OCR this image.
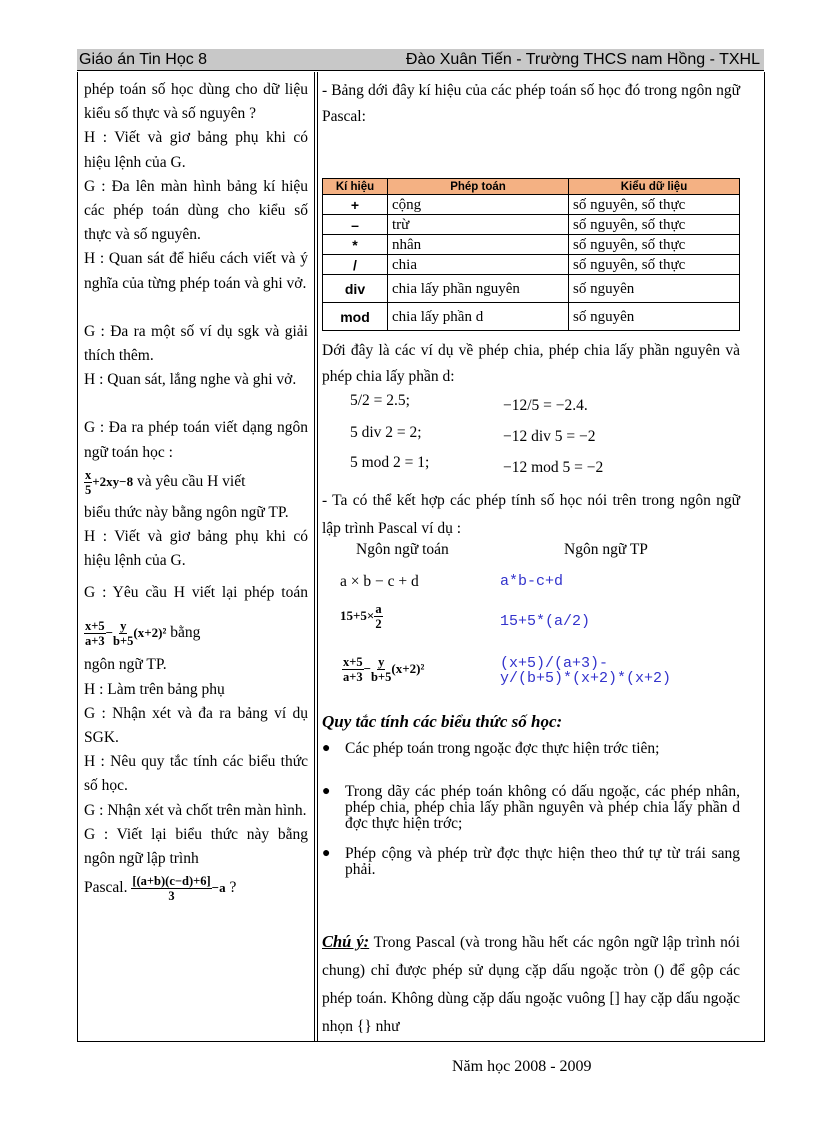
Giáo án Tin Học 8	Đào Xuân Tiến - Trường THCS nam Hồng - TXHL

phép toán số học dùng cho dữ liệu kiểu số thực và số nguyên ?

H : Viết và giơ bảng phụ khi có hiệu lệnh của G.

G : Đa lên màn hình bảng kí hiệu các phép toán dùng cho kiểu số thực và số nguyên.

H : Quan sát để hiểu cách viết và ý nghĩa của từng phép toán và ghi vở.

G : Đa ra một số ví dụ sgk và giải thích thêm.

H : Quan sát, lắng nghe và ghi vở.

G : Đa ra phép toán viết dạng ngôn ngữ toán học :

$\frac{x}{5} +2xy-8$ và yêu cầu H viết

biểu thức này bằng ngôn ngữ TP.

H : Viết và giơ bảng phụ khi có hiệu lệnh của G.

G : Yêu cầu H viết lại phép toán
$\frac{x+5}{a+3} - \frac{y}{b+5} (x+2)^2$ bằng

ngôn ngữ TP.

H : Làm trên bảng phụ

G : Nhận xét và đa ra bảng ví dụ SGK.

H : Nêu quy tắc tính các biểu thức số học.

G : Nhận xét và chốt trên màn hình.

G : Viết lại biểu thức này bằng ngôn ngữ lập trình

Pascal. $\frac{[(a+b)(c-d)+6]}{3} -a$ ?

- Bảng dới đây kí hiệu của các phép toán số học đó trong ngôn ngữ Pascal:

Kí hiệu	Phép toán	Kiểu dữ liệu
+	cộng	số nguyên, số thực
–	trừ	số nguyên, số thực
*	nhân	số nguyên, số thực
/	chia	số nguyên, số thực
div	chia lấy phần nguyên	số nguyên
mod	chia lấy phần d	số nguyên

Dới đây là các ví dụ về phép chia, phép chia lấy phần nguyên và phép chia lấy phần d:

5/2 = 2.5;	−12/5 = −2.4.
5 div 2 = 2;	−12 div 5 = −2
5 mod 2 = 1;	−12 mod 5 = −2

- Ta có thể kết hợp các phép tính số học nói trên trong ngôn ngữ lập trình Pascal ví dụ :

Ngôn ngữ toán	Ngôn ngữ TP
a × b − c + d	a*b-c+d
$15+5\times \frac{a}{2}$	15+5*(a/2)
$\frac{x+5}{a+3} - \frac{y}{b+5} (x+2)^2$	(x+5)/(a+3)-
y/(b+5)*(x+2)*(x+2)
Quy tắc tính các biểu thức số học:
● Các phép toán trong ngoặc đợc thực hiện trớc tiên;
● Trong dãy các phép toán không có dấu ngoặc, các phép nhân, phép chia, phép chia lấy phần nguyên và phép chia lấy phần d đợc thực hiện trớc;
● Phép cộng và phép trừ đợc thực hiện theo thứ tự từ trái sang phải.
Chú ý: Trong Pascal (và trong hầu hết các ngôn ngữ lập trình nói chung) chỉ được phép sử dụng cặp dấu ngoặc tròn () để gộp các phép toán. Không dùng cặp dấu ngoặc vuông [] hay cặp dấu ngoặc nhọn {} như
Năm học 2008 - 2009
